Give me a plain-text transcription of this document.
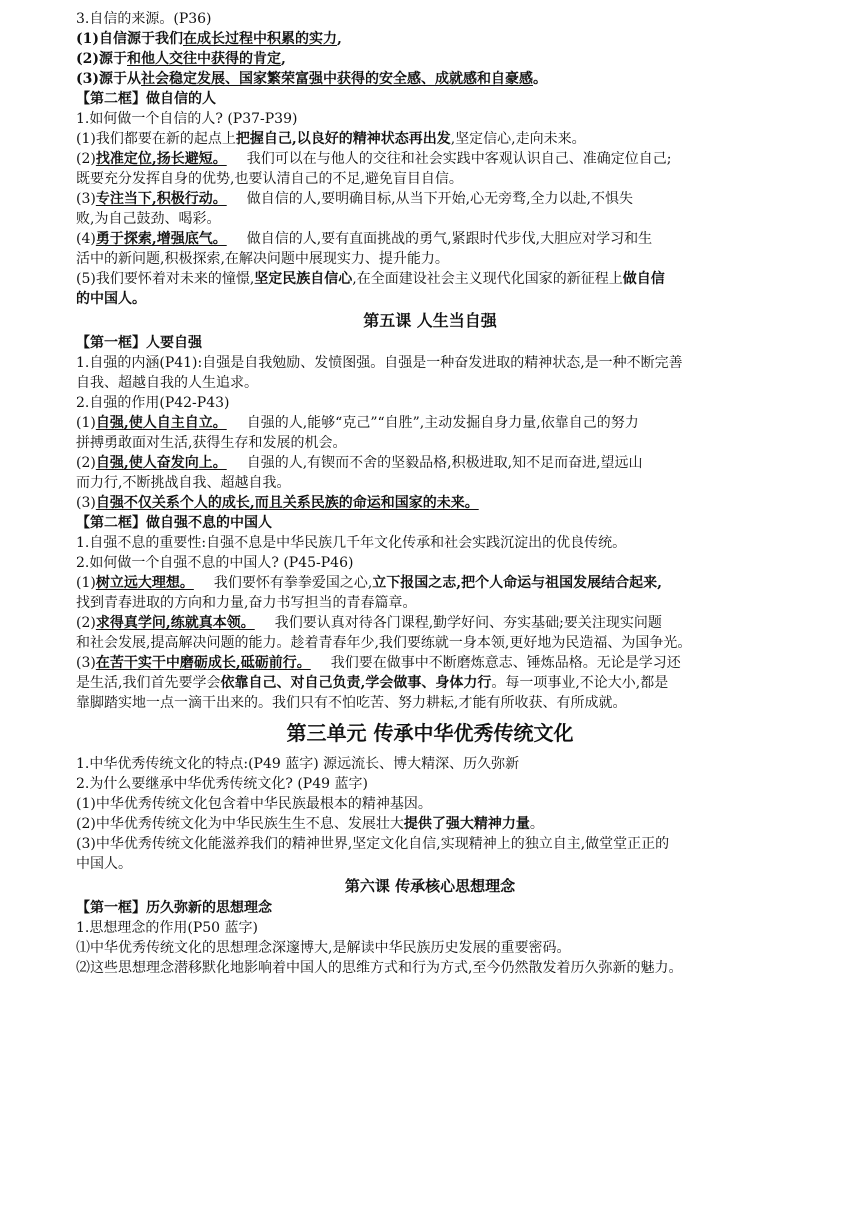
3.自信的来源。(P36)
(1)自信源于我们在成长过程中积累的实力,
(2)源于和他人交往中获得的肯定,
(3)源于从社会稳定发展、国家繁荣富强中获得的安全感、成就感和自豪感。
【第二框】做自信的人
1.如何做一个自信的人? (P37-P39)
(1)我们都要在新的起点上把握自己,以良好的精神状态再出发,坚定信心,走向未来。
(2)找准定位,扬长避短。 我们可以在与他人的交往和社会实践中客观认识自己、准确定位自己;
既要充分发挥自身的优势,也要认清自己的不足,避免盲目自信。
(3)专注当下,积极行动。 做自信的人,要明确目标,从当下开始,心无旁骛,全力以赴,不惧失
败,为自己鼓劲、喝彩。
(4)勇于探索,增强底气。 做自信的人,要有直面挑战的勇气,紧跟时代步伐,大胆应对学习和生
活中的新问题,积极探索,在解决问题中展现实力、提升能力。
(5)我们要怀着对未来的憧憬,坚定民族自信心,在全面建设社会主义现代化国家的新征程上做自信
的中国人。
第五课 人生当自强
【第一框】人要自强
1.自强的内涵(P41):自强是自我勉励、发愤图强。自强是一种奋发进取的精神状态,是一种不断完善
自我、超越自我的人生追求。
2.自强的作用(P42-P43)
(1)自强,使人自主自立。 自强的人,能够“克己”“自胜”,主动发掘自身力量,依靠自己的努力
拼搏勇敢面对生活,获得生存和发展的机会。
(2)自强,使人奋发向上。 自强的人,有锲而不舍的坚毅品格,积极进取,知不足而奋进,望远山
而力行,不断挑战自我、超越自我。
(3)自强不仅关系个人的成长,而且关系民族的命运和国家的未来。
【第二框】做自强不息的中国人
1.自强不息的重要性:自强不息是中华民族几千年文化传承和社会实践沉淀出的优良传统。
2.如何做一个自强不息的中国人? (P45-P46)
(1)树立远大理想。 我们要怀有拳拳爱国之心,立下报国之志,把个人命运与祖国发展结合起来,
找到青春进取的方向和力量,奋力书写担当的青春篇章。
(2)求得真学问,练就真本领。 我们要认真对待各门课程,勤学好问、夯实基础;要关注现实问题
和社会发展,提高解决问题的能力。趁着青春年少,我们要练就一身本领,更好地为民造福、为国争光。
(3)在苦干实干中磨砺成长,砥砺前行。 我们要在做事中不断磨炼意志、锤炼品格。无论是学习还
是生活,我们首先要学会依靠自己、对自己负责,学会做事、身体力行。每一项事业,不论大小,都是
靠脚踏实地一点一滴干出来的。我们只有不怕吃苦、努力耕耘,才能有所收获、有所成就。
第三单元 传承中华优秀传统文化
1.中华优秀传统文化的特点:(P49 蓝字) 源远流长、博大精深、历久弥新
2.为什么要继承中华优秀传统文化? (P49 蓝字)
(1)中华优秀传统文化包含着中华民族最根本的精神基因。
(2)中华优秀传统文化为中华民族生生不息、发展壮大提供了强大精神力量。
(3)中华优秀传统文化能滋养我们的精神世界,坚定文化自信,实现精神上的独立自主,做堂堂正正的
中国人。
第六课 传承核心思想理念
【第一框】历久弥新的思想理念
1.思想理念的作用(P50 蓝字)
⑴中华优秀传统文化的思想理念深邃博大,是解读中华民族历史发展的重要密码。
⑵这些思想理念潜移默化地影响着中国人的思维方式和行为方式,至今仍然散发着历久弥新的魅力。
